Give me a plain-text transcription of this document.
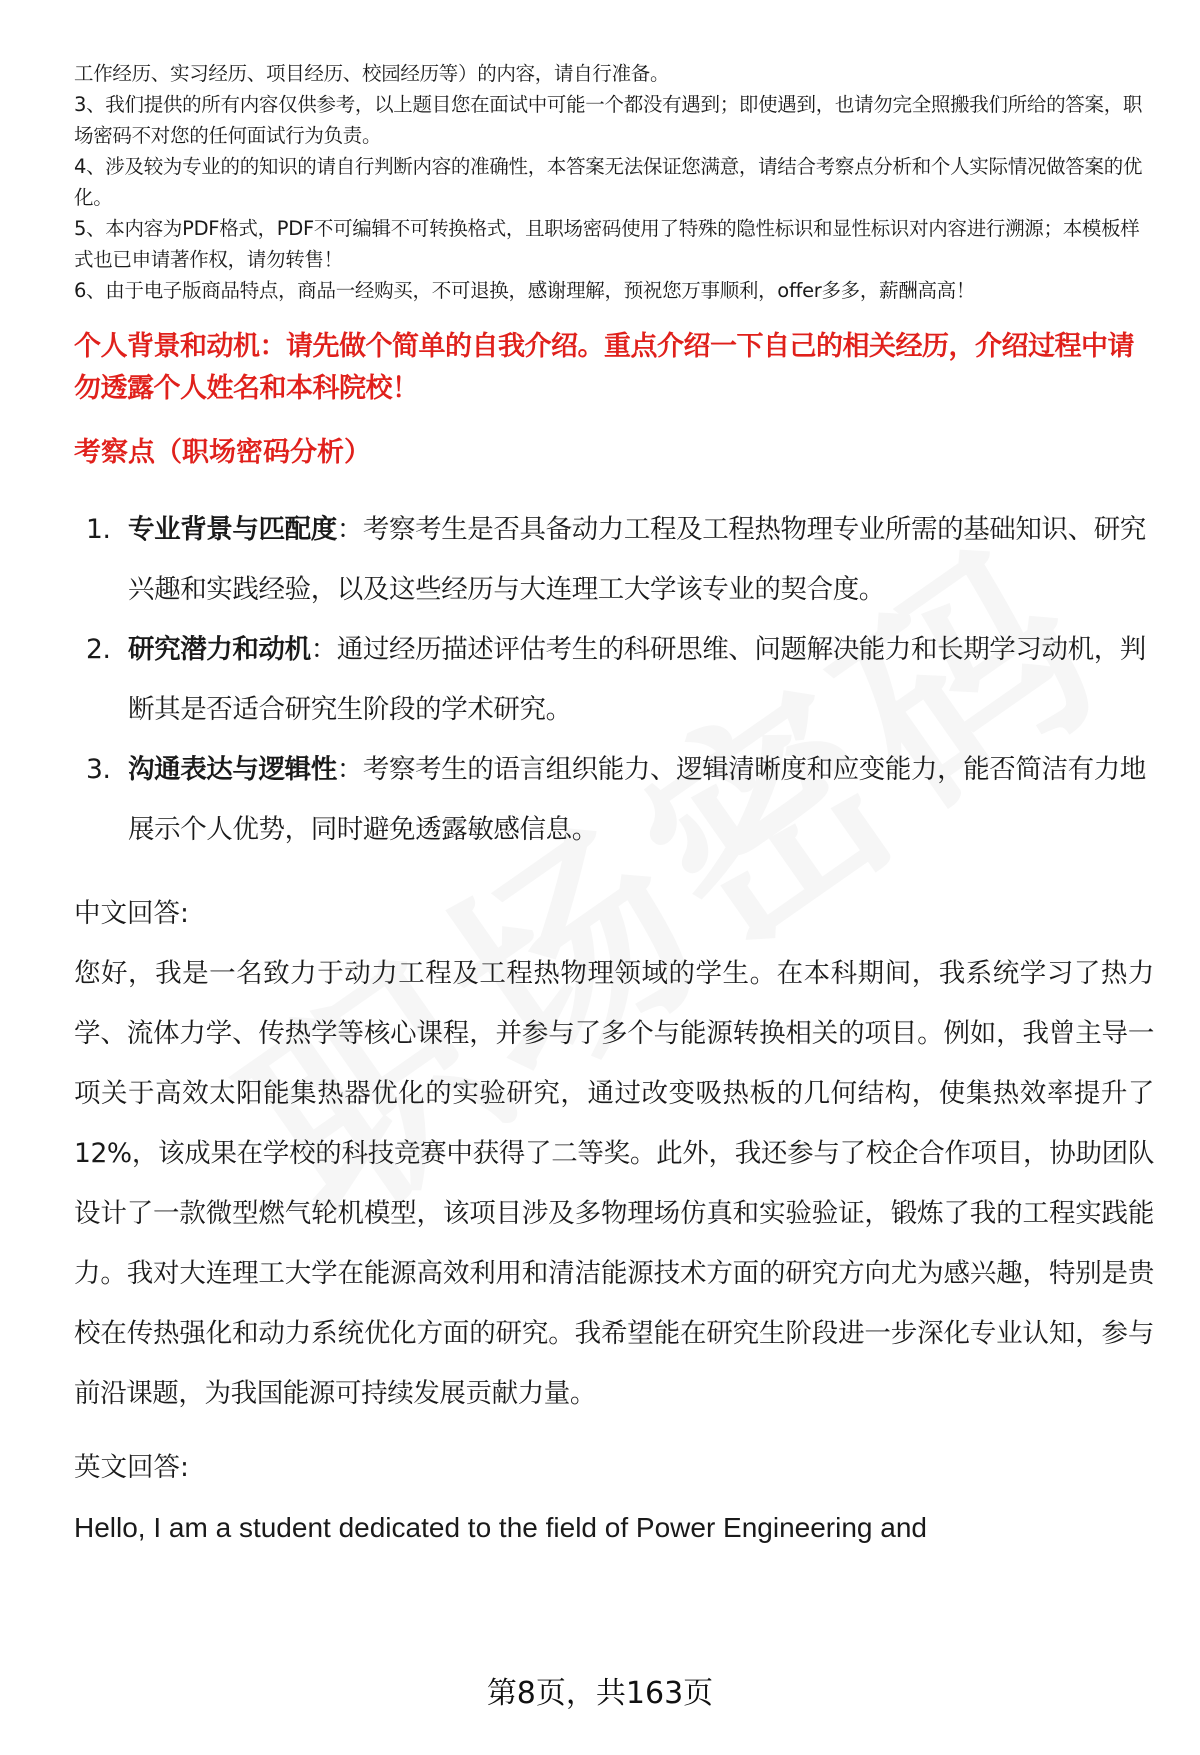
工作经历、实习经历、项目经历、校园经历等）的内容，请自行准备。

3、我们提供的所有内容仅供参考，以上题目您在面试中可能一个都没有遇到；即使遇到，也请勿完全照搬我们所给的答案，职场密码不对您的任何面试行为负责。

4、涉及较为专业的的知识的请自行判断内容的准确性，本答案无法保证您满意，请结合考察点分析和个人实际情况做答案的优化。

5、本内容为PDF格式，PDF不可编辑不可转换格式，且职场密码使用了特殊的隐性标识和显性标识对内容进行溯源；本模板样式也已申请著作权，请勿转售！

6、由于电子版商品特点，商品一经购买，不可退换，感谢理解，预祝您万事顺利，offer多多，薪酬高高！

个人背景和动机：请先做个简单的自我介绍。重点介绍一下自己的相关经历，介绍过程中请勿透露个人姓名和本科院校！
考察点（职场密码分析）
1. 专业背景与匹配度：考察考生是否具备动力工程及工程热物理专业所需的基础知识、研究兴趣和实践经验，以及这些经历与大连理工大学该专业的契合度。
2. 研究潜力和动机：通过经历描述评估考生的科研思维、问题解决能力和长期学习动机，判断其是否适合研究生阶段的学术研究。
3. 沟通表达与逻辑性：考察考生的语言组织能力、逻辑清晰度和应变能力，能否简洁有力地展示个人优势，同时避免透露敏感信息。
中文回答:

您好，我是一名致力于动力工程及工程热物理领域的学生。在本科期间，我系统学习了热力学、流体力学、传热学等核心课程，并参与了多个与能源转换相关的项目。例如，我曾主导一项关于高效太阳能集热器优化的实验研究，通过改变吸热板的几何结构，使集热效率提升了12%，该成果在学校的科技竞赛中获得了二等奖。此外，我还参与了校企合作项目，协助团队设计了一款微型燃气轮机模型，该项目涉及多物理场仿真和实验验证，锻炼了我的工程实践能力。我对大连理工大学在能源高效利用和清洁能源技术方面的研究方向尤为感兴趣，特别是贵校在传热强化和动力系统优化方面的研究。我希望能在研究生阶段进一步深化专业认知，参与前沿课题，为我国能源可持续发展贡献力量。

英文回答:

Hello, I am a student dedicated to the field of Power Engineering and

第8页，共163页
